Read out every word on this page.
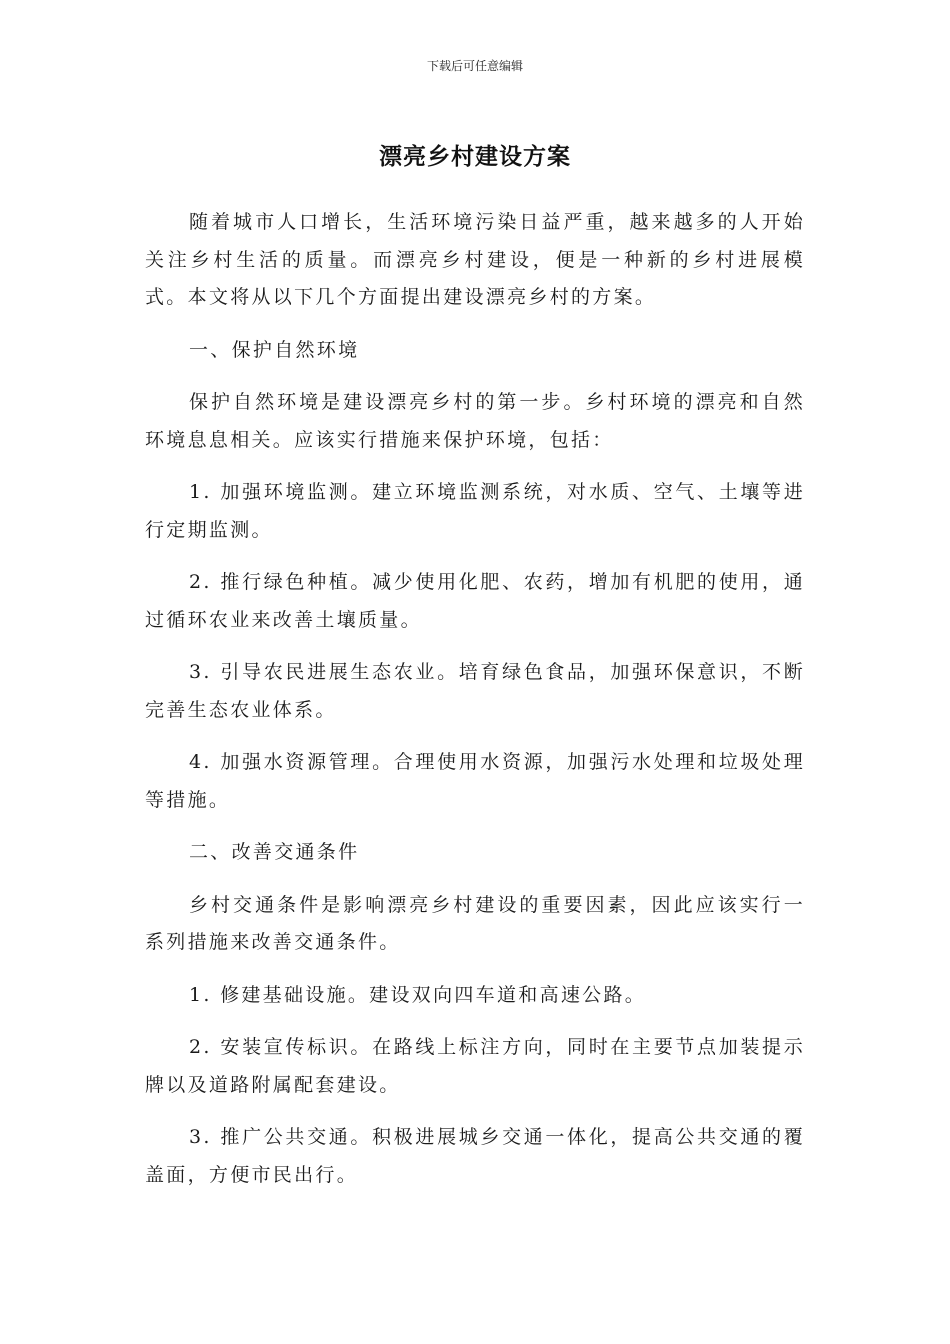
下载后可任意编辑
漂亮乡村建设方案

随着城市人口增长，生活环境污染日益严重，越来越多的人开始关注乡村生活的质量。而漂亮乡村建设，便是一种新的乡村进展模式。本文将从以下几个方面提出建设漂亮乡村的方案。

一、保护自然环境

保护自然环境是建设漂亮乡村的第一步。乡村环境的漂亮和自然环境息息相关。应该实行措施来保护环境，包括：

1. 加强环境监测。建立环境监测系统，对水质、空气、土壤等进行定期监测。

2. 推行绿色种植。减少使用化肥、农药，增加有机肥的使用，通过循环农业来改善土壤质量。

3. 引导农民进展生态农业。培育绿色食品，加强环保意识，不断完善生态农业体系。

4. 加强水资源管理。合理使用水资源，加强污水处理和垃圾处理等措施。

二、改善交通条件

乡村交通条件是影响漂亮乡村建设的重要因素，因此应该实行一系列措施来改善交通条件。

1. 修建基础设施。建设双向四车道和高速公路。

2. 安装宣传标识。在路线上标注方向，同时在主要节点加装提示牌以及道路附属配套建设。

3. 推广公共交通。积极进展城乡交通一体化，提高公共交通的覆盖面，方便市民出行。
